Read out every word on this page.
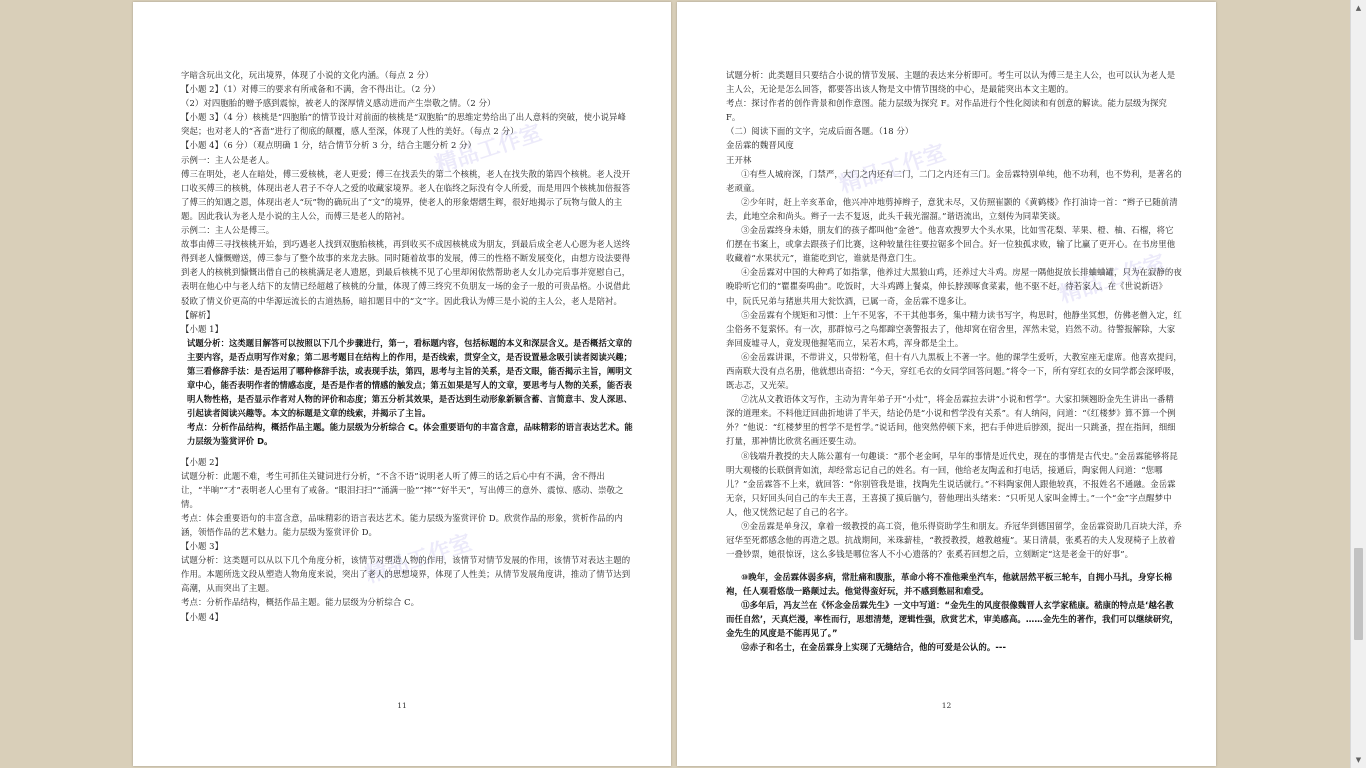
精品工作室
精品工作室

字暗含玩出文化，玩出境界，体现了小说的文化内涵。（每点 2 分）

【小题 2】（1）对傅三的要求有所戒备和不满，舍不得出让。（2 分）

（2）对四胞胎的赠予感到震惊，被老人的深厚情义感动进而产生崇敬之情。（2 分）

【小题 3】（4 分）核桃是“四胞胎”的情节设计对前面的核桃是“双胞胎”的思维定势给出了出人意料的突破，使小说异峰突起；也对老人的“吝啬”进行了彻底的颠覆，感人至深，体现了人性的美好。（每点 2 分）

【小题 4】（6 分）（观点明确 1 分，结合情节分析 3 分，结合主题分析 2 分）

示例一：主人公是老人。

傅三在明处，老人在暗处，傅三爱核桃，老人更爱；傅三在找丢失的第二个核桃，老人在找失散的第四个核桃。老人没开口收买傅三的核桃，体现出老人君子不夺人之爱的收藏家境界。老人在临终之际没有令人所爱，而是用四个核桃加倍报答了傅三的知遇之恩，体现出老人“玩”物的确玩出了“文”的境界，使老人的形象熠熠生辉，很好地揭示了玩物与做人的主题。因此我认为老人是小说的主人公，而傅三是老人的陪衬。

示例二：主人公是傅三。

故事由傅三寻找核桃开始，到巧遇老人找到双胞胎核桃，再到收买不成因核桃成为朋友，到最后成全老人心愿为老人送终得到老人慷慨赠送，傅三参与了整个故事的来龙去脉。同时随着故事的发展，傅三的性格不断发展变化，由想方设法要得到老人的核桃到慷慨出借自己的核桃满足老人遗愿，到最后核桃不见了心里却闲依然帮助老人女儿办完后事并宽慰自己，表明在他心中与老人结下的友情已经超越了核桃的分量，体现了傅三终究不负朋友一场的金子一般的可贵品格。小说借此驳欧了情义价更高的中华源远流长的古道热肠，暗扣题目中的“文”字。因此我认为傅三是小说的主人公，老人是陪衬。

【解析】

【小题 1】

试题分析：这类题目解答可以按照以下几个步骤进行，第一，看标题内容，包括标题的本义和深层含义。是否概括文章的主要内容，是否点明写作对象；第二思考题目在结构上的作用，是否线索，贯穿全文，是否设置悬念吸引读者阅读兴趣；第三看修辞手法：是否运用了哪种修辞手法，或表现手法，第四，思考与主旨的关系，是否文眼，能否揭示主旨，阐明文章中心，能否表明作者的情感态度，是否是作者的情感的触发点；第五如果是写人的文章，要思考与人物的关系，能否表明人物性格，是否显示作者对人物的评价和态度；第五分析其效果，是否达到生动形象新颖含蓄、言简意丰、发人深思、引起读者阅读兴趣等。本文的标题是文章的线索，并揭示了主旨。

考点：分析作品结构，概括作品主题。能力层级为分析综合 C。体会重要语句的丰富含意，品味精彩的语言表达艺术。能力层级为鉴赏评价 D。

【小题 2】

试题分析：此题不难，考生可抓住关键词进行分析，“不含不语”说明老人听了傅三的话之后心中有不满，舍不得出让，“半晌”“才”表明老人心里有了戒备。“眼泪扫扫”“涌满一脸”“摔”“好半天”，写出傅三的意外、震惊、感动、崇敬之情。

考点：体会重要语句的丰富含意，品味精彩的语言表达艺术。能力层级为鉴赏评价 D。欣赏作品的形象，赏析作品的内涵，领悟作品的艺术魅力。能力层级为鉴赏评价 D。

【小题 3】

试题分析：这类题可以从以下几个角度分析，该情节对塑造人物的作用，该情节对情节发展的作用，该情节对表达主题的作用。本题所选文段从塑造人物角度来说，突出了老人的思想境界，体现了人性美；从情节发展角度讲，推动了情节达到高潮，从而突出了主题。

考点：分析作品结构，概括作品主题。能力层级为分析综合 C。

【小题 4】

11
精品工作室
精品工作室

试题分析：此类题目只要结合小说的情节发展、主题的表达来分析即可。考生可以认为傅三是主人公，也可以认为老人是主人公，无论是怎么回答，都要答出该人物是文中情节围绕的中心，是最能突出本文主题的。

考点：探讨作者的创作背景和创作意图。能力层级为探究 F。对作品进行个性化阅读和有创意的解读。能力层级为探究 F。

（二）阅读下面的文字，完成后面各题。（18 分）

金岳霖的魏晋风度

王开林

①有些人城府深，门禁严，大门之内还有二门，二门之内还有三门。金岳霖特别单纯，他不功利，也不势利，是著名的老顽童。

②少年时，赶上辛亥革命，他兴冲冲地剪掉辫子，意犹未尽，又仿照崔颢的《黄鹤楼》作打油诗一首：“辫子已随前清去，此地空余和尚头。辫子一去不复返，此头千载光溜溜。”谐语流出，立刻传为同辈笑谈。

③金岳霖终身未婚，朋友们的孩子都叫他“金爸”。他喜欢搜罗大个头水果，比如雪花梨、苹果、橙、柚、石榴，将它们摆在书案上，或拿去跟孩子们比赛，这种较量往往要拉锯多个回合。好一位独孤求败，输了比赢了更开心。在书房里他收藏着“水果状元”，谁能吃到它，谁就是得意门生。

④金岳霖对中国的大种鸡了如指掌，他养过大黑狼山鸡，还养过大斗鸡。房屋一隅他捉放长排蛐蛐罐，只为在寂静的夜晚聆听它们的“瞿瞿奏鸣曲”。吃饭时，大斗鸡蹲上餐桌，伸长脖颈啄食菜素，他不驱不赶，待若家人。在《世说新语》中，阮氏兄弟与猪崽共用大瓮饮酒，已属一奇，金岳霖不遑多让。

⑤金岳霖有个规矩和习惯：上午不见客，不干其他事务，集中精力读书写字，构思时，他静坐冥想，仿佛老僧入定，红尘俗务不复萦怀。有一次，那群惊弓之鸟都蹿空袭警报去了，他却窝在宿舍里，浑然未觉，岿然不动。待警报解除，大家奔回废墟寻人，竟发现他握笔而立，呆若木鸡，浑身都是尘土。

⑥金岳霖讲课，不带讲义，只带粉笔，但十有八九黑板上不著一字。他的课学生爱听，大教室座无虚席。他喜欢提问，西南联大没有点名册，他就想出奇招：“今天，穿红毛衣的女同学回答问题。”将令一下，所有穿红衣的女同学都会深呼吸，既忐忑，又光荣。

⑦沈从文教语体文写作，主动为青年弟子开“小灶”，将金岳霖拉去讲“小说和哲学”。大家扣频翘盼金先生讲出一番精深的道理来。不料他迂回曲折地讲了半天，结论仍是“小说和哲学没有关系”。有人纳闷，问道：“《红楼梦》算不算一个例外？”他说：“红楼梦里的哲学不是哲学。”说话间，他突然停顿下来，把右手伸进后脖颈，捉出一只跳蚤，捏在指间，细细打量，那神情比欣赏名画还要生动。

⑧钱端升教授的夫人陈公蕙有一句趣谈：“那个老金呵，早年的事情是近代史，现在的事情是古代史。”金岳霖能够将昆明大观楼的长联倒背如流，却经常忘记自己的姓名。有一回，他给老友陶孟和打电话，接通后，陶家佣人问道：“您哪儿？”金岳霖答不上来，就回答：“你别管我是谁，找陶先生说话就行。”不料陶家佣人跟他较真，不报姓名不通融。金岳霖无奈，只好回头问自己的车夫王喜，王喜摸了摸后脑勺，替他理出头绪来：“只听见人家叫金博士。”一个“金”字点醒梦中人，他又恍然记起了自己的名字。

⑨金岳霖是单身汉，拿着一级教授的高工资，他乐得资助学生和朋友。乔冠华到德国留学，金岳霖资助几百块大洋，乔冠华至死都感念他的再造之恩。抗战期间，米珠薪桂，“教授教授，越教越瘦”。某日清晨，张奚若的夫人发现椅子上放着一叠钞票，她很惊讶，这么多钱是哪位客人不小心遗落的？张奚若回想之后，立刻断定“这是老金干的好事”。

⑩晚年，金岳霖体弱多病，常肚痛和腹胀，革命小将不准他乘坐汽车，他就居然平板三轮车，自拥小马扎，身穿长棉袍，任人观看悠哉一路颠过去。他觉得蛮好玩，并不感到憋屈和难受。

⑪多年后，冯友兰在《怀念金岳霖先生》一文中写道：“金先生的风度很像魏晋人玄学家嵇康。嵇康的特点是‘越名教而任自然’，天真烂漫，率性而行，思想清楚，逻辑性强，欣赏艺术，审美感高。……金先生的著作，我们可以继续研究，金先生的风度是不能再见了。”

⑫赤子和名士，在金岳霖身上实现了无缝结合，他的可爱是公认的。---

12
▲
▼
